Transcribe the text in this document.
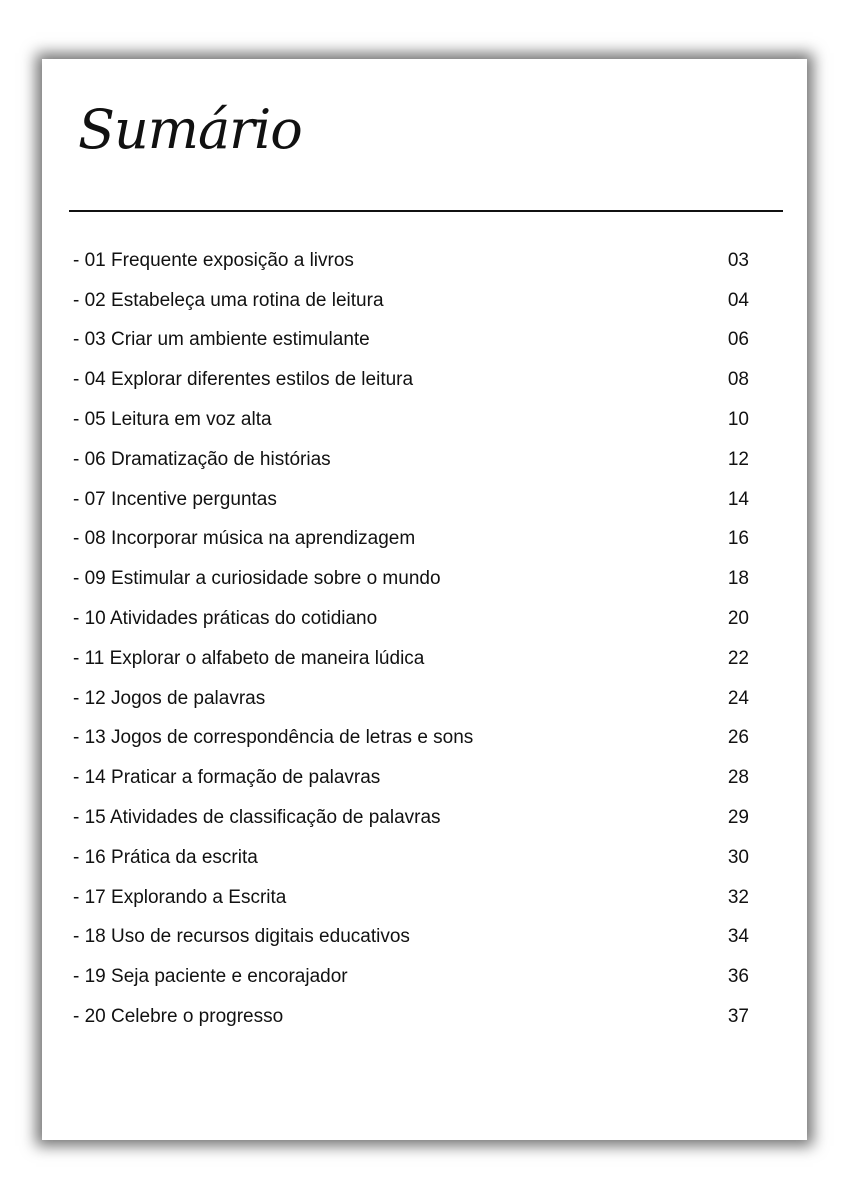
Sumário
- 01 Frequente exposição a livros	03
- 02 Estabeleça uma rotina de leitura	04
- 03 Criar um ambiente estimulante	06
- 04 Explorar diferentes estilos de leitura	08
- 05 Leitura em voz alta	10
- 06 Dramatização de histórias	12
- 07 Incentive perguntas	14
- 08 Incorporar música na aprendizagem	16
- 09 Estimular a curiosidade sobre o mundo	18
- 10 Atividades práticas do cotidiano	20
- 11 Explorar o alfabeto de maneira lúdica	22
- 12 Jogos de palavras	24
- 13 Jogos de correspondência de letras e sons	26
- 14 Praticar a formação de palavras	28
- 15 Atividades de classificação de palavras	29
- 16 Prática da escrita	30
- 17 Explorando a Escrita	32
- 18 Uso de recursos digitais educativos	34
- 19 Seja paciente e encorajador	36
- 20 Celebre o progresso	37
